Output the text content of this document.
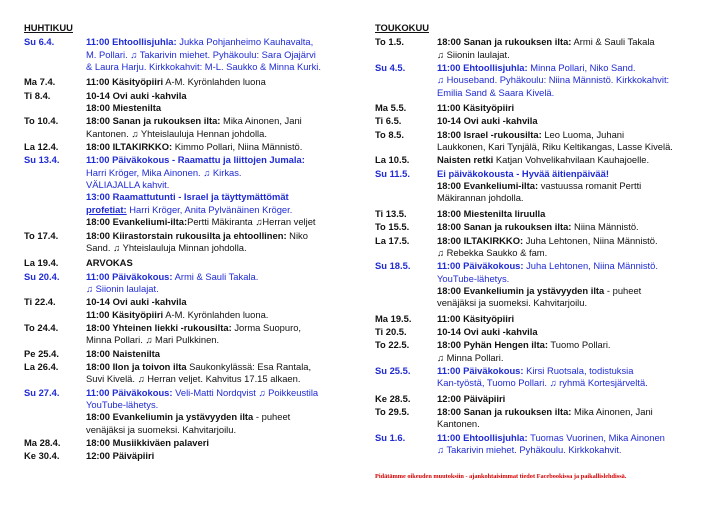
HUHTIKUU
Su 6.4.	11:00 Ehtoollisjuhla: Jukka Pohjanheimo Kauhavalta,
M. Pollari. ♫ Takarivin miehet. Pyhäkoulu: Sara Ojajärvi
& Laura Harju. Kirkkokahvit: M-L. Saukko & Minna Kurki.
Ma 7.4.	11:00 Käsityöpiiri A-M. Kyrönlahden luona
Ti 8.4.	10-14 Ovi auki -kahvila
18:00 Miestenilta
To 10.4.	18:00 Sanan ja rukouksen ilta: Mika Ainonen, Jani
Kantonen. ♫ Yhteislauluja Hennan johdolla.
La 12.4.	18:00 ILTAKIRKKO: Kimmo Pollari, Niina Männistö.
Su 13.4.	11:00 Päiväkokous - Raamattu ja liittojen Jumala:
Harri Kröger, Mika Ainonen. ♫ Kirkas.
VÄLIAJALLA kahvit.
13:00 Raamattutunti - Israel ja täyttymättömät
profetiat: Harri Kröger, Anita Pylvänäinen Kröger.
18:00 Evankeliumi-ilta:Pertti Mäkiranta ♫Herran veljet
To 17.4.	18:00 Kiirastorstain rukousilta ja ehtoollinen: Niko
Sand. ♫ Yhteislauluja Minnan johdolla.
La 19.4.	ARVOKAS
Su 20.4.	11:00 Päiväkokous: Armi & Sauli Takala.
♫ Siionin laulajat.
Ti 22.4.	10-14 Ovi auki -kahvila
11:00 Käsityöpiiri A-M. Kyrönlahden luona.
To 24.4.	18:00 Yhteinen liekki -rukousilta: Jorma Suopuro,
Minna Pollari. ♫ Mari Pulkkinen.
Pe 25.4.	18:00 Naistenilta
La 26.4.	18:00 Ilon ja toivon ilta Saukonkylässä: Esa Rantala,
Suvi Kivelä. ♫ Herran veljet. Kahvitus 17.15 alkaen.
Su 27.4.	11:00 Päiväkokous: Veli-Matti Nordqvist ♫ Poikkeustila
YouTube-lähetys.
18:00 Evankeliumin ja ystävyyden ilta - puheet
venäjäksi ja suomeksi. Kahvitarjoilu.
Ma 28.4.	18:00 Musiikkiväen palaveri
Ke 30.4.	12:00 Päiväpiiri
TOUKOKUU
To 1.5.	18:00 Sanan ja rukouksen ilta: Armi & Sauli Takala
♫ Siionin laulajat.
Su 4.5.	11:00 Ehtoollisjuhla: Minna Pollari, Niko Sand.
♫ Houseband. Pyhäkoulu: Niina Männistö. Kirkkokahvit:
Emilia Sand & Saara Kivelä.
Ma 5.5.	11:00 Käsityöpiiri
Ti 6.5.	10-14 Ovi auki -kahvila
To 8.5.	18:00 Israel -rukousilta: Leo Luoma, Juhani
Laukkonen, Kari Tynjälä, Riku Keltikangas, Lasse Kivelä.
La 10.5.	Naisten retki Katjan Vohvelikahvilaan Kauhajoelle.
Su 11.5.	Ei päiväkokousta - Hyvää äitienpäivää!
18:00 Evankeliumi-ilta: vastuussa romanit Pertti
Mäkirannan johdolla.
Ti 13.5.	18:00 Miestenilta liruulla
To 15.5.	18:00 Sanan ja rukouksen ilta: Niina Männistö.
La 17.5.	18:00 ILTAKIRKKO: Juha Lehtonen, Niina Männistö.
♫ Rebekka Saukko & fam.
Su 18.5.	11:00 Päiväkokous: Juha Lehtonen, Niina Männistö.
YouTube-lähetys.
18:00 Evankeliumin ja ystävyyden ilta - puheet
venäjäksi ja suomeksi. Kahvitarjoilu.
Ma 19.5.	11:00 Käsityöpiiri
Ti 20.5.	10-14 Ovi auki -kahvila
To 22.5.	18:00 Pyhän Hengen ilta: Tuomo Pollari.
♫ Minna Pollari.
Su 25.5.	11:00 Päiväkokous: Kirsi Ruotsala, todistuksia
Kan-työstä, Tuomo Pollari. ♫ ryhmä Kortesjärveltä.
Ke 28.5.	12:00 Päiväpiiri
To 29.5.	18:00 Sanan ja rukouksen ilta: Mika Ainonen, Jani
Kantonen.
Su 1.6.	11:00 Ehtoollisjuhla: Tuomas Vuorinen, Mika Ainonen
♫ Takarivin miehet. Pyhäkoulu. Kirkkokahvit.
Pidätämme oikeuden muutoksiin - ajankohtaisimmat tiedot Facebookissa ja paikallislehdissä.
